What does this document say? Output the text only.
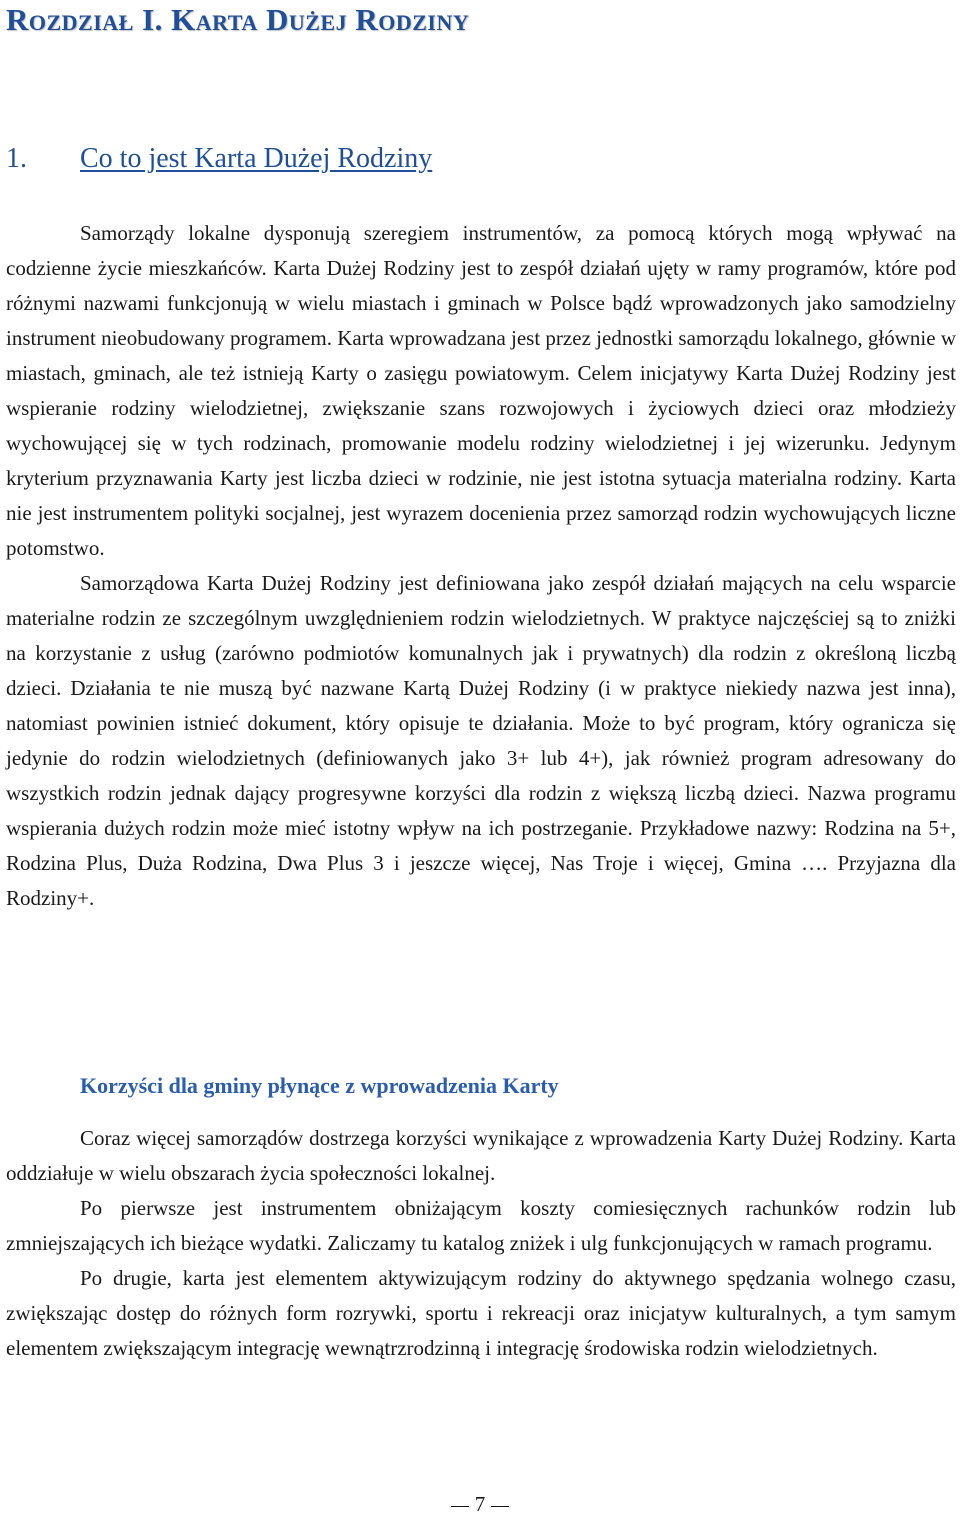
Rozdział I. Karta Dużej Rodziny
1. Co to jest Karta Dużej Rodziny

Samorządy lokalne dysponują szeregiem instrumentów, za pomocą których mogą wpływać na codzienne życie mieszkańców. Karta Dużej Rodziny jest to zespół działań ujęty w ramy programów, które pod różnymi nazwami funkcjonują w wielu miastach i gminach w Polsce bądź wprowadzonych jako samodzielny instrument nieobudowany programem. Karta wprowadzana jest przez jednostki samorządu lokalnego, głównie w miastach, gminach, ale też istnieją Karty o zasięgu powiatowym. Celem inicjatywy Karta Dużej Rodziny jest wspieranie rodziny wielodzietnej, zwiększanie szans rozwojowych i życiowych dzieci oraz młodzieży wychowującej się w tych rodzinach, promowanie modelu rodziny wielodzietnej i jej wizerunku. Jedynym kryterium przyznawania Karty jest liczba dzieci w rodzinie, nie jest istotna sytuacja materialna rodziny. Karta nie jest instrumentem polityki socjalnej, jest wyrazem docenienia przez samorząd rodzin wychowujących liczne potomstwo.

Samorządowa Karta Dużej Rodziny jest definiowana jako zespół działań mających na celu wsparcie materialne rodzin ze szczególnym uwzględnieniem rodzin wielodzietnych. W praktyce najczęściej są to zniżki na korzystanie z usług (zarówno podmiotów komunalnych jak i prywatnych) dla rodzin z określoną liczbą dzieci. Działania te nie muszą być nazwane Kartą Dużej Rodziny (i w praktyce niekiedy nazwa jest inna), natomiast powinien istnieć dokument, który opisuje te działania. Może to być program, który ogranicza się jedynie do rodzin wielodzietnych (definiowanych jako 3+ lub 4+), jak również program adresowany do wszystkich rodzin jednak dający progresywne korzyści dla rodzin z większą liczbą dzieci. Nazwa programu wspierania dużych rodzin może mieć istotny wpływ na ich postrzeganie. Przykładowe nazwy: Rodzina na 5+, Rodzina Plus, Duża Rodzina, Dwa Plus 3 i jeszcze więcej, Nas Troje i więcej, Gmina …. Przyjazna dla Rodziny+.

Korzyści dla gminy płynące z wprowadzenia Karty

Coraz więcej samorządów dostrzega korzyści wynikające z wprowadzenia Karty Dużej Rodziny. Karta oddziałuje w wielu obszarach życia społeczności lokalnej.

Po pierwsze jest instrumentem obniżającym koszty comiesięcznych rachunków rodzin lub zmniejszających ich bieżące wydatki. Zaliczamy tu katalog zniżek i ulg funkcjonujących w ramach programu.

Po drugie, karta jest elementem aktywizującym rodziny do aktywnego spędzania wolnego czasu, zwiększając dostęp do różnych form rozrywki, sportu i rekreacji oraz inicjatyw kulturalnych, a tym samym elementem zwiększającym integrację wewnątrzrodzinną i integrację środowiska rodzin wielodzietnych.

7
